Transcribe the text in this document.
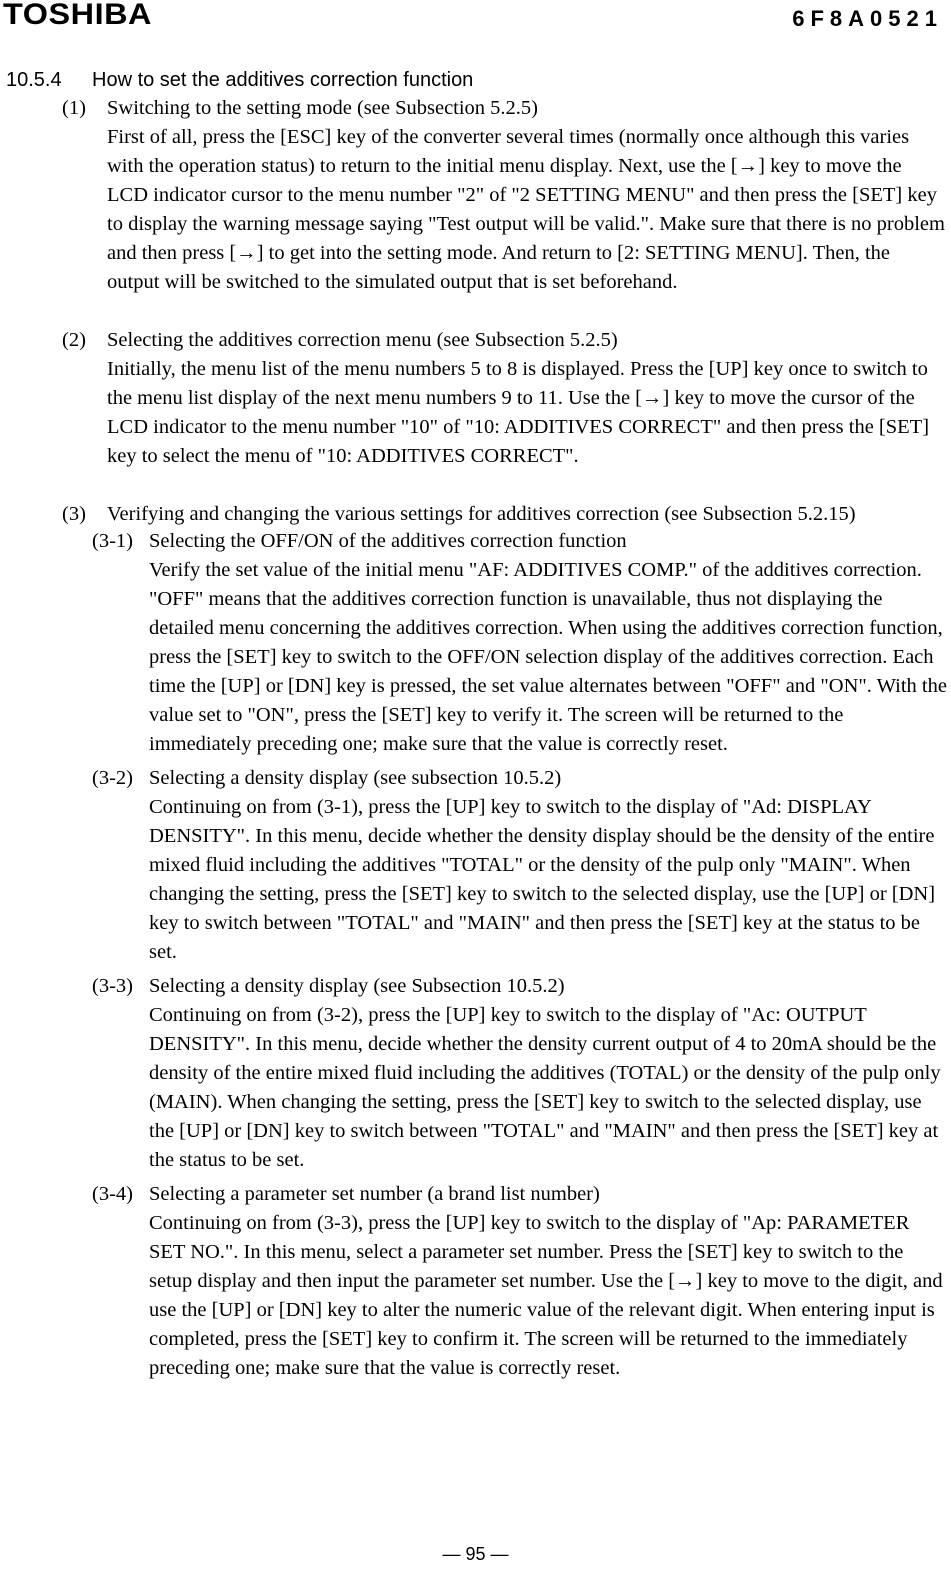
TOSHIBA	6F8A0521
10.5.4 How to set the additives correction function
(1) Switching to the setting mode (see Subsection 5.2.5)
First of all, press the [ESC] key of the converter several times (normally once although this varies with the operation status) to return to the initial menu display. Next, use the [→] key to move the LCD indicator cursor to the menu number "2" of "2 SETTING MENU" and then press the [SET] key to display the warning message saying "Test output will be valid.". Make sure that there is no problem and then press [→] to get into the setting mode. And return to [2: SETTING MENU]. Then, the output will be switched to the simulated output that is set beforehand.
(2) Selecting the additives correction menu (see Subsection 5.2.5)
Initially, the menu list of the menu numbers 5 to 8 is displayed. Press the [UP] key once to switch to the menu list display of the next menu numbers 9 to 11. Use the [→] key to move the cursor of the LCD indicator to the menu number "10" of "10: ADDITIVES CORRECT" and then press the [SET] key to select the menu of "10: ADDITIVES CORRECT".
(3) Verifying and changing the various settings for additives correction (see Subsection 5.2.15)
(3-1) Selecting the OFF/ON of the additives correction function
Verify the set value of the initial menu "AF: ADDITIVES COMP." of the additives correction. "OFF" means that the additives correction function is unavailable, thus not displaying the detailed menu concerning the additives correction. When using the additives correction function, press the [SET] key to switch to the OFF/ON selection display of the additives correction. Each time the [UP] or [DN] key is pressed, the set value alternates between "OFF" and "ON". With the value set to "ON", press the [SET] key to verify it. The screen will be returned to the immediately preceding one; make sure that the value is correctly reset.
(3-2) Selecting a density display (see subsection 10.5.2)
Continuing on from (3-1), press the [UP] key to switch to the display of "Ad: DISPLAY DENSITY". In this menu, decide whether the density display should be the density of the entire mixed fluid including the additives "TOTAL" or the density of the pulp only "MAIN". When changing the setting, press the [SET] key to switch to the selected display, use the [UP] or [DN] key to switch between "TOTAL" and "MAIN" and then press the [SET] key at the status to be set.
(3-3) Selecting a density display (see Subsection 10.5.2)
Continuing on from (3-2), press the [UP] key to switch to the display of "Ac: OUTPUT DENSITY". In this menu, decide whether the density current output of 4 to 20mA should be the density of the entire mixed fluid including the additives (TOTAL) or the density of the pulp only (MAIN). When changing the setting, press the [SET] key to switch to the selected display, use the [UP] or [DN] key to switch between "TOTAL" and "MAIN" and then press the [SET] key at the status to be set.
(3-4) Selecting a parameter set number (a brand list number)
Continuing on from (3-3), press the [UP] key to switch to the display of "Ap: PARAMETER SET NO.". In this menu, select a parameter set number. Press the [SET] key to switch to the setup display and then input the parameter set number. Use the [→] key to move to the digit, and use the [UP] or [DN] key to alter the numeric value of the relevant digit. When entering input is completed, press the [SET] key to confirm it. The screen will be returned to the immediately preceding one; make sure that the value is correctly reset.
— 95 —
